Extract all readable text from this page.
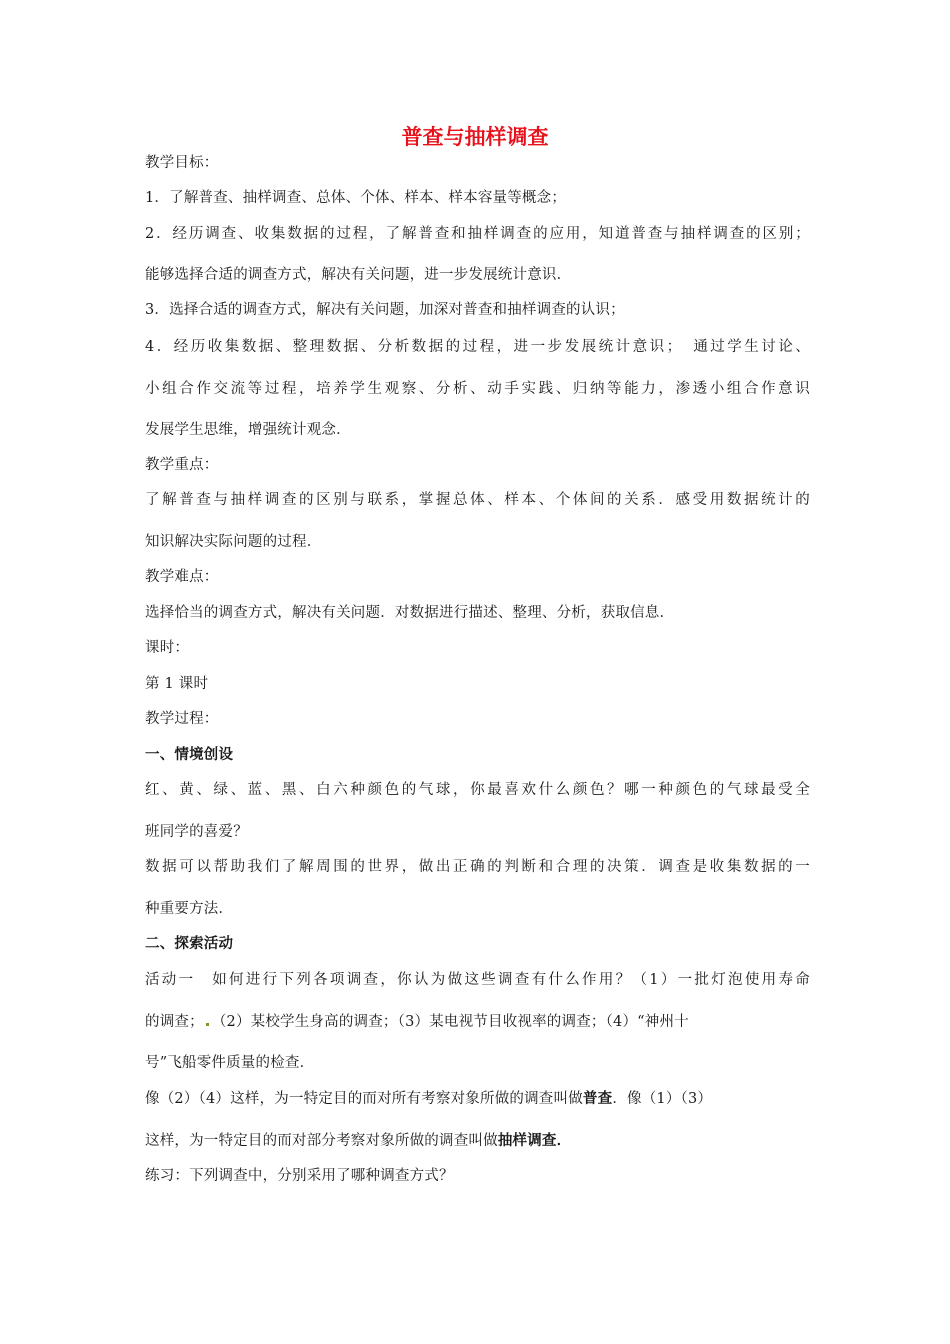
普查与抽样调查
教学目标：
1．了解普查、抽样调查、总体、个体、样本、样本容量等概念；
2．经历调查、收集数据的过程，了解普查和抽样调查的应用，知道普查与抽样调查的区别；
能够选择合适的调查方式，解决有关问题，进一步发展统计意识．
3．选择合适的调查方式，解决有关问题，加深对普查和抽样调查的认识；
4．经历收集数据、整理数据、分析数据的过程，进一步发展统计意识；　通过学生讨论、
小组合作交流等过程，培养学生观察、分析、动手实践、归纳等能力，渗透小组合作意识
发展学生思维，增强统计观念．
教学重点：
了解普查与抽样调查的区别与联系，掌握总体、样本、个体间的关系．感受用数据统计的
知识解决实际问题的过程．
教学难点：
选择恰当的调查方式，解决有关问题．对数据进行描述、整理、分析，获取信息．
课时：
第 1 课时
教学过程：
一、情境创设
红、黄、绿、蓝、黑、白六种颜色的气球，你最喜欢什么颜色？哪一种颜色的气球最受全
班同学的喜爱？
数据可以帮助我们了解周围的世界，做出正确的判断和合理的决策．调查是收集数据的一
种重要方法．
二、探索活动
活动一　如何进行下列各项调查，你认为做这些调查有什么作用？（1）一批灯泡使用寿命
的调查； （2）某校学生身高的调查；（3）某电视节目收视率的调查；（4）“神州十
号”飞船零件质量的检查．
像（2）（4）这样，为一特定目的而对所有考察对象所做的调查叫做普查．像（1）（3）
这样，为一特定目的而对部分考察对象所做的调查叫做抽样调查．
练习：下列调查中，分别采用了哪种调查方式？
